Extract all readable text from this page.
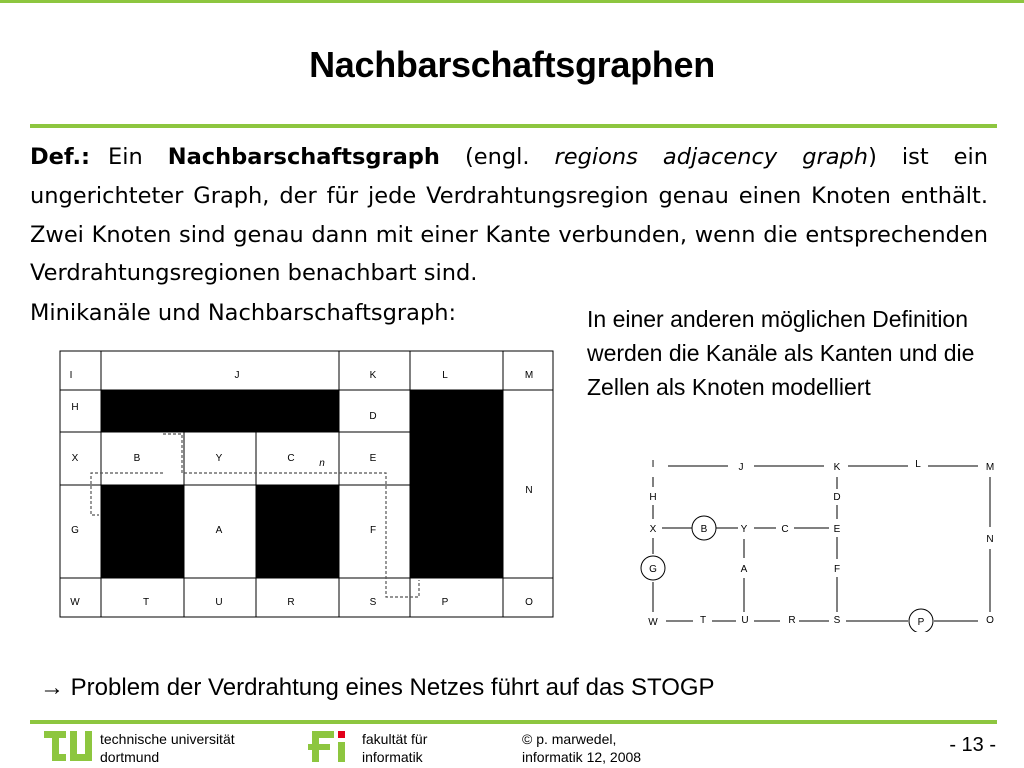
Nachbarschaftsgraphen
Def.: Ein Nachbarschaftsgraph (engl. regions adjacency graph) ist ein ungerichteter Graph, der für jede Verdrahtungsregion genau einen Knoten enthält. Zwei Knoten sind genau dann mit einer Kante verbunden, wenn die entsprechenden Verdrahtungsregionen benachbart sind.
Minikanäle und Nachbarschaftsgraph:	In einer anderen möglichen Definition werden die Kanäle als Kanten und die Zellen als Knoten modelliert
I	J	K	L	M
H
D
X	B	Y	C	E
N
G	A	F
W	T	U	R	S	P	O
n	I	J	K	L	M
H	D
X	B	Y	C	E
N
G	A	F
W	T	U	R	S	P	O
→ Problem der Verdrahtung eines Netzes führt auf das STOGP
technische universität
dortmund
fakultät für
informatik
© p. marwedel,
informatik 12, 2008
- 13 -
